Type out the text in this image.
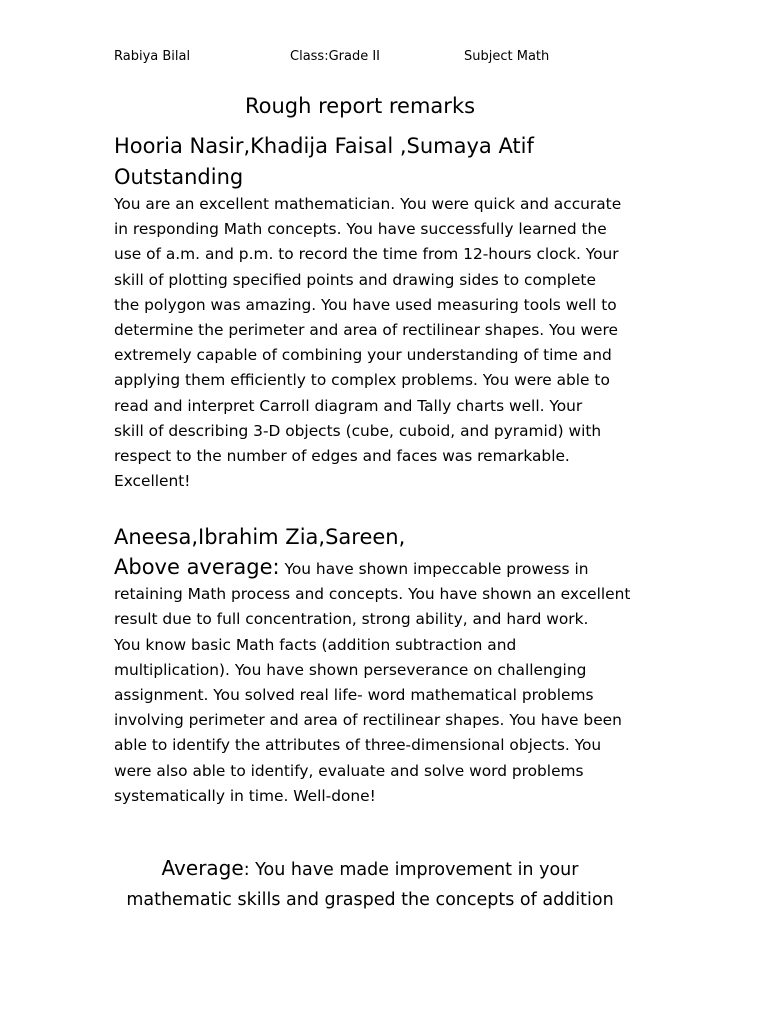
Rabiya Bilal	Class:Grade II	Subject Math
Rough report remarks
Hooria Nasir,Khadija Faisal ,Sumaya Atif
Outstanding
You are an excellent mathematician. You were quick and accurate
in responding Math concepts. You have successfully learned the
use of a.m. and p.m. to record the time from 12-hours clock. Your
skill of plotting specified points and drawing sides to complete
the polygon was amazing. You have used measuring tools well to
determine the perimeter and area of rectilinear shapes. You were
extremely capable of combining your understanding of time and
applying them efficiently to complex problems. You were able to
read and interpret Carroll diagram and Tally charts well. Your
skill of describing 3-D objects (cube, cuboid, and pyramid) with
respect to the number of edges and faces was remarkable.
Excellent!
Aneesa,Ibrahim Zia,Sareen,
Above average: You have shown impeccable prowess in
retaining Math process and concepts. You have shown an excellent
result due to full concentration, strong ability, and hard work.
You know basic Math facts (addition subtraction and
multiplication). You have shown perseverance on challenging
assignment. You solved real life- word mathematical problems
involving perimeter and area of rectilinear shapes. You have been
able to identify the attributes of three-dimensional objects. You
were also able to identify, evaluate and solve word problems
systematically in time. Well-done!
Average: You have made improvement in your
mathematic skills and grasped the concepts of addition
